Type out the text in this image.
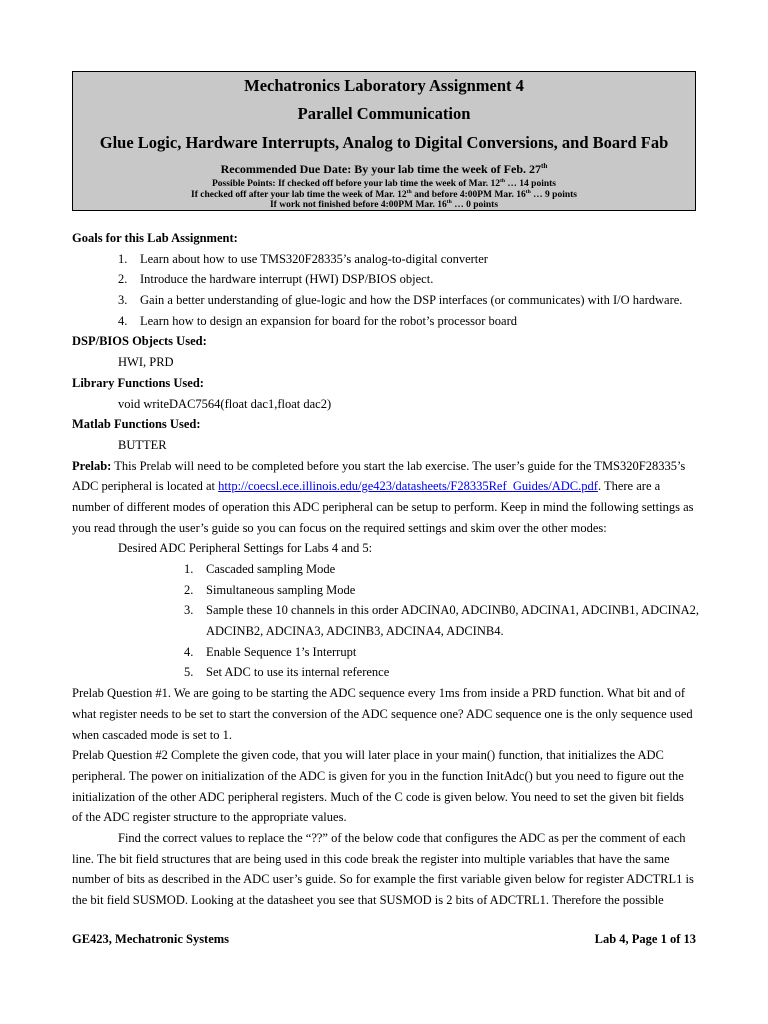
Mechatronics Laboratory Assignment 4
Parallel Communication
Glue Logic, Hardware Interrupts, Analog to Digital Conversions, and Board Fab
Recommended Due Date: By your lab time the week of Feb. 27th
Possible Points: If checked off before your lab time the week of Mar. 12th … 14 points
If checked off after your lab time the week of Mar. 12th and before 4:00PM Mar. 16th … 9 points
If work not finished before 4:00PM Mar. 16th … 0 points
Goals for this Lab Assignment:
1. Learn about how to use TMS320F28335’s analog-to-digital converter
2. Introduce the hardware interrupt (HWI) DSP/BIOS object.
3. Gain a better understanding of glue-logic and how the DSP interfaces (or communicates) with I/O hardware.
4. Learn how to design an expansion for board for the robot’s processor board
DSP/BIOS Objects Used:
HWI, PRD
Library Functions Used:
void writeDAC7564(float dac1,float dac2)
Matlab Functions Used:
BUTTER
Prelab: This Prelab will need to be completed before you start the lab exercise. The user’s guide for the TMS320F28335’s
ADC peripheral is located at http://coecsl.ece.illinois.edu/ge423/datasheets/F28335Ref_Guides/ADC.pdf. There are a
number of different modes of operation this ADC peripheral can be setup to perform. Keep in mind the following settings as
you read through the user’s guide so you can focus on the required settings and skim over the other modes:
Desired ADC Peripheral Settings for Labs 4 and 5:
1. Cascaded sampling Mode
2. Simultaneous sampling Mode
3. Sample these 10 channels in this order ADCINA0, ADCINB0, ADCINA1, ADCINB1, ADCINA2,
ADCINB2, ADCINA3, ADCINB3, ADCINA4, ADCINB4.
4. Enable Sequence 1’s Interrupt
5. Set ADC to use its internal reference
Prelab Question #1. We are going to be starting the ADC sequence every 1ms from inside a PRD function. What bit and of
what register needs to be set to start the conversion of the ADC sequence one? ADC sequence one is the only sequence used
when cascaded mode is set to 1.
Prelab Question #2 Complete the given code, that you will later place in your main() function, that initializes the ADC
peripheral. The power on initialization of the ADC is given for you in the function InitAdc() but you need to figure out the
initialization of the other ADC peripheral registers. Much of the C code is given below. You need to set the given bit fields
of the ADC register structure to the appropriate values.
Find the correct values to replace the “??” of the below code that configures the ADC as per the comment of each
line. The bit field structures that are being used in this code break the register into multiple variables that have the same
number of bits as described in the ADC user’s guide. So for example the first variable given below for register ADCTRL1 is
the bit field SUSMOD. Looking at the datasheet you see that SUSMOD is 2 bits of ADCTRL1. Therefore the possible
GE423, Mechatronic Systems	Lab 4, Page 1 of 13
